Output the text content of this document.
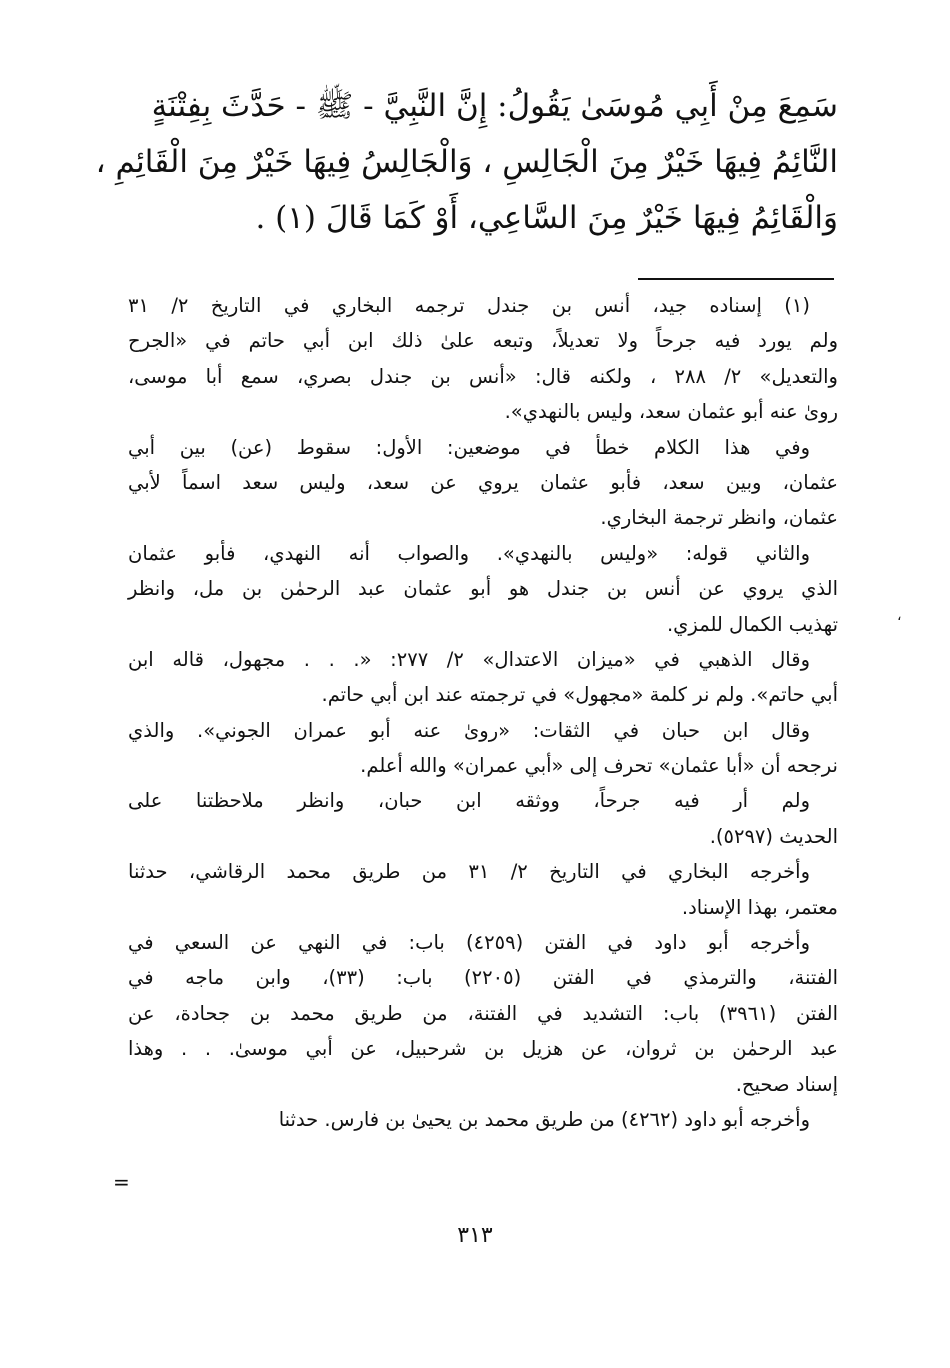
سَمِعَ مِنْ أَبِي مُوسَىٰ يَقُولُ: إِنَّ النَّبِيَّ - ﷺ - حَدَّثَ بِفِتْنَةٍ
النَّائِمُ فِيهَا خَيْرٌ مِنَ الْجَالِسِ ، وَالْجَالِسُ فِيهَا خَيْرٌ مِنَ الْقَائِمِ ،
وَالْقَائِمُ فِيهَا خَيْرٌ مِنَ السَّاعِي، أَوْ كَمَا قَالَ (١) .
(١) إسناده جيد، أنس بن جندل ترجمه البخاري في التاريخ ٢/ ٣١
ولم يورد فيه جرحاً ولا تعديلاً، وتبعه علىٰ ذلك ابن أبي حاتم في «الجرح
والتعديل» ٢/ ٢٨٨ ، ولكنه قال: «أنس بن جندل بصري، سمع أبا موسى،
روىٰ عنه أبو عثمان سعد، وليس بالنهدي».
وفي هذا الكلام خطأ في موضعين: الأول: سقوط (عن) بين أبي
عثمان، وبين سعد، فأبو عثمان يروي عن سعد، وليس سعد اسماً لأبي
عثمان، وانظر ترجمة البخاري.
والثاني قوله: «وليس بالنهدي». والصواب أنه النهدي، فأبو عثمان
الذي يروي عن أنس بن جندل هو أبو عثمان عبد الرحمٰن بن مل، وانظر
تهذيب الكمال للمزي.
وقال الذهبي في «ميزان الاعتدال» ٢/ ٢٧٧: «. . . مجهول، قاله ابن
أبي حاتم». ولم نر كلمة «مجهول» في ترجمته عند ابن أبي حاتم.
وقال ابن حبان في الثقات: «روىٰ عنه أبو عمران الجوني». والذي
نرجحه أن «أبا عثمان» تحرف إلى «أبي عمران» والله أعلم.
ولم أر فيه جرحاً، ووثقه ابن حبان، وانظر ملاحظتنا على
الحديث (٥٢٩٧).
وأخرجه البخاري في التاريخ ٢/ ٣١ من طريق محمد الرقاشي، حدثنا
معتمر، بهذا الإسناد.
وأخرجه أبو داود في الفتن (٤٢٥٩) باب: في النهي عن السعي في
الفتنة، والترمذي في الفتن (٢٢٠٥) باب: (٣٣)، وابن ماجه في
الفتن (٣٩٦١) باب: التشديد في الفتنة، من طريق محمد بن جحادة، عن
عبد الرحمٰن بن ثروان، عن هزيل بن شرحبيل، عن أبي موسىٰ. . . وهذا
إسناد صحيح.
وأخرجه أبو داود (٤٢٦٢) من طريق محمد بن يحيىٰ بن فارس. حدثنا
=
،
٣١٣
